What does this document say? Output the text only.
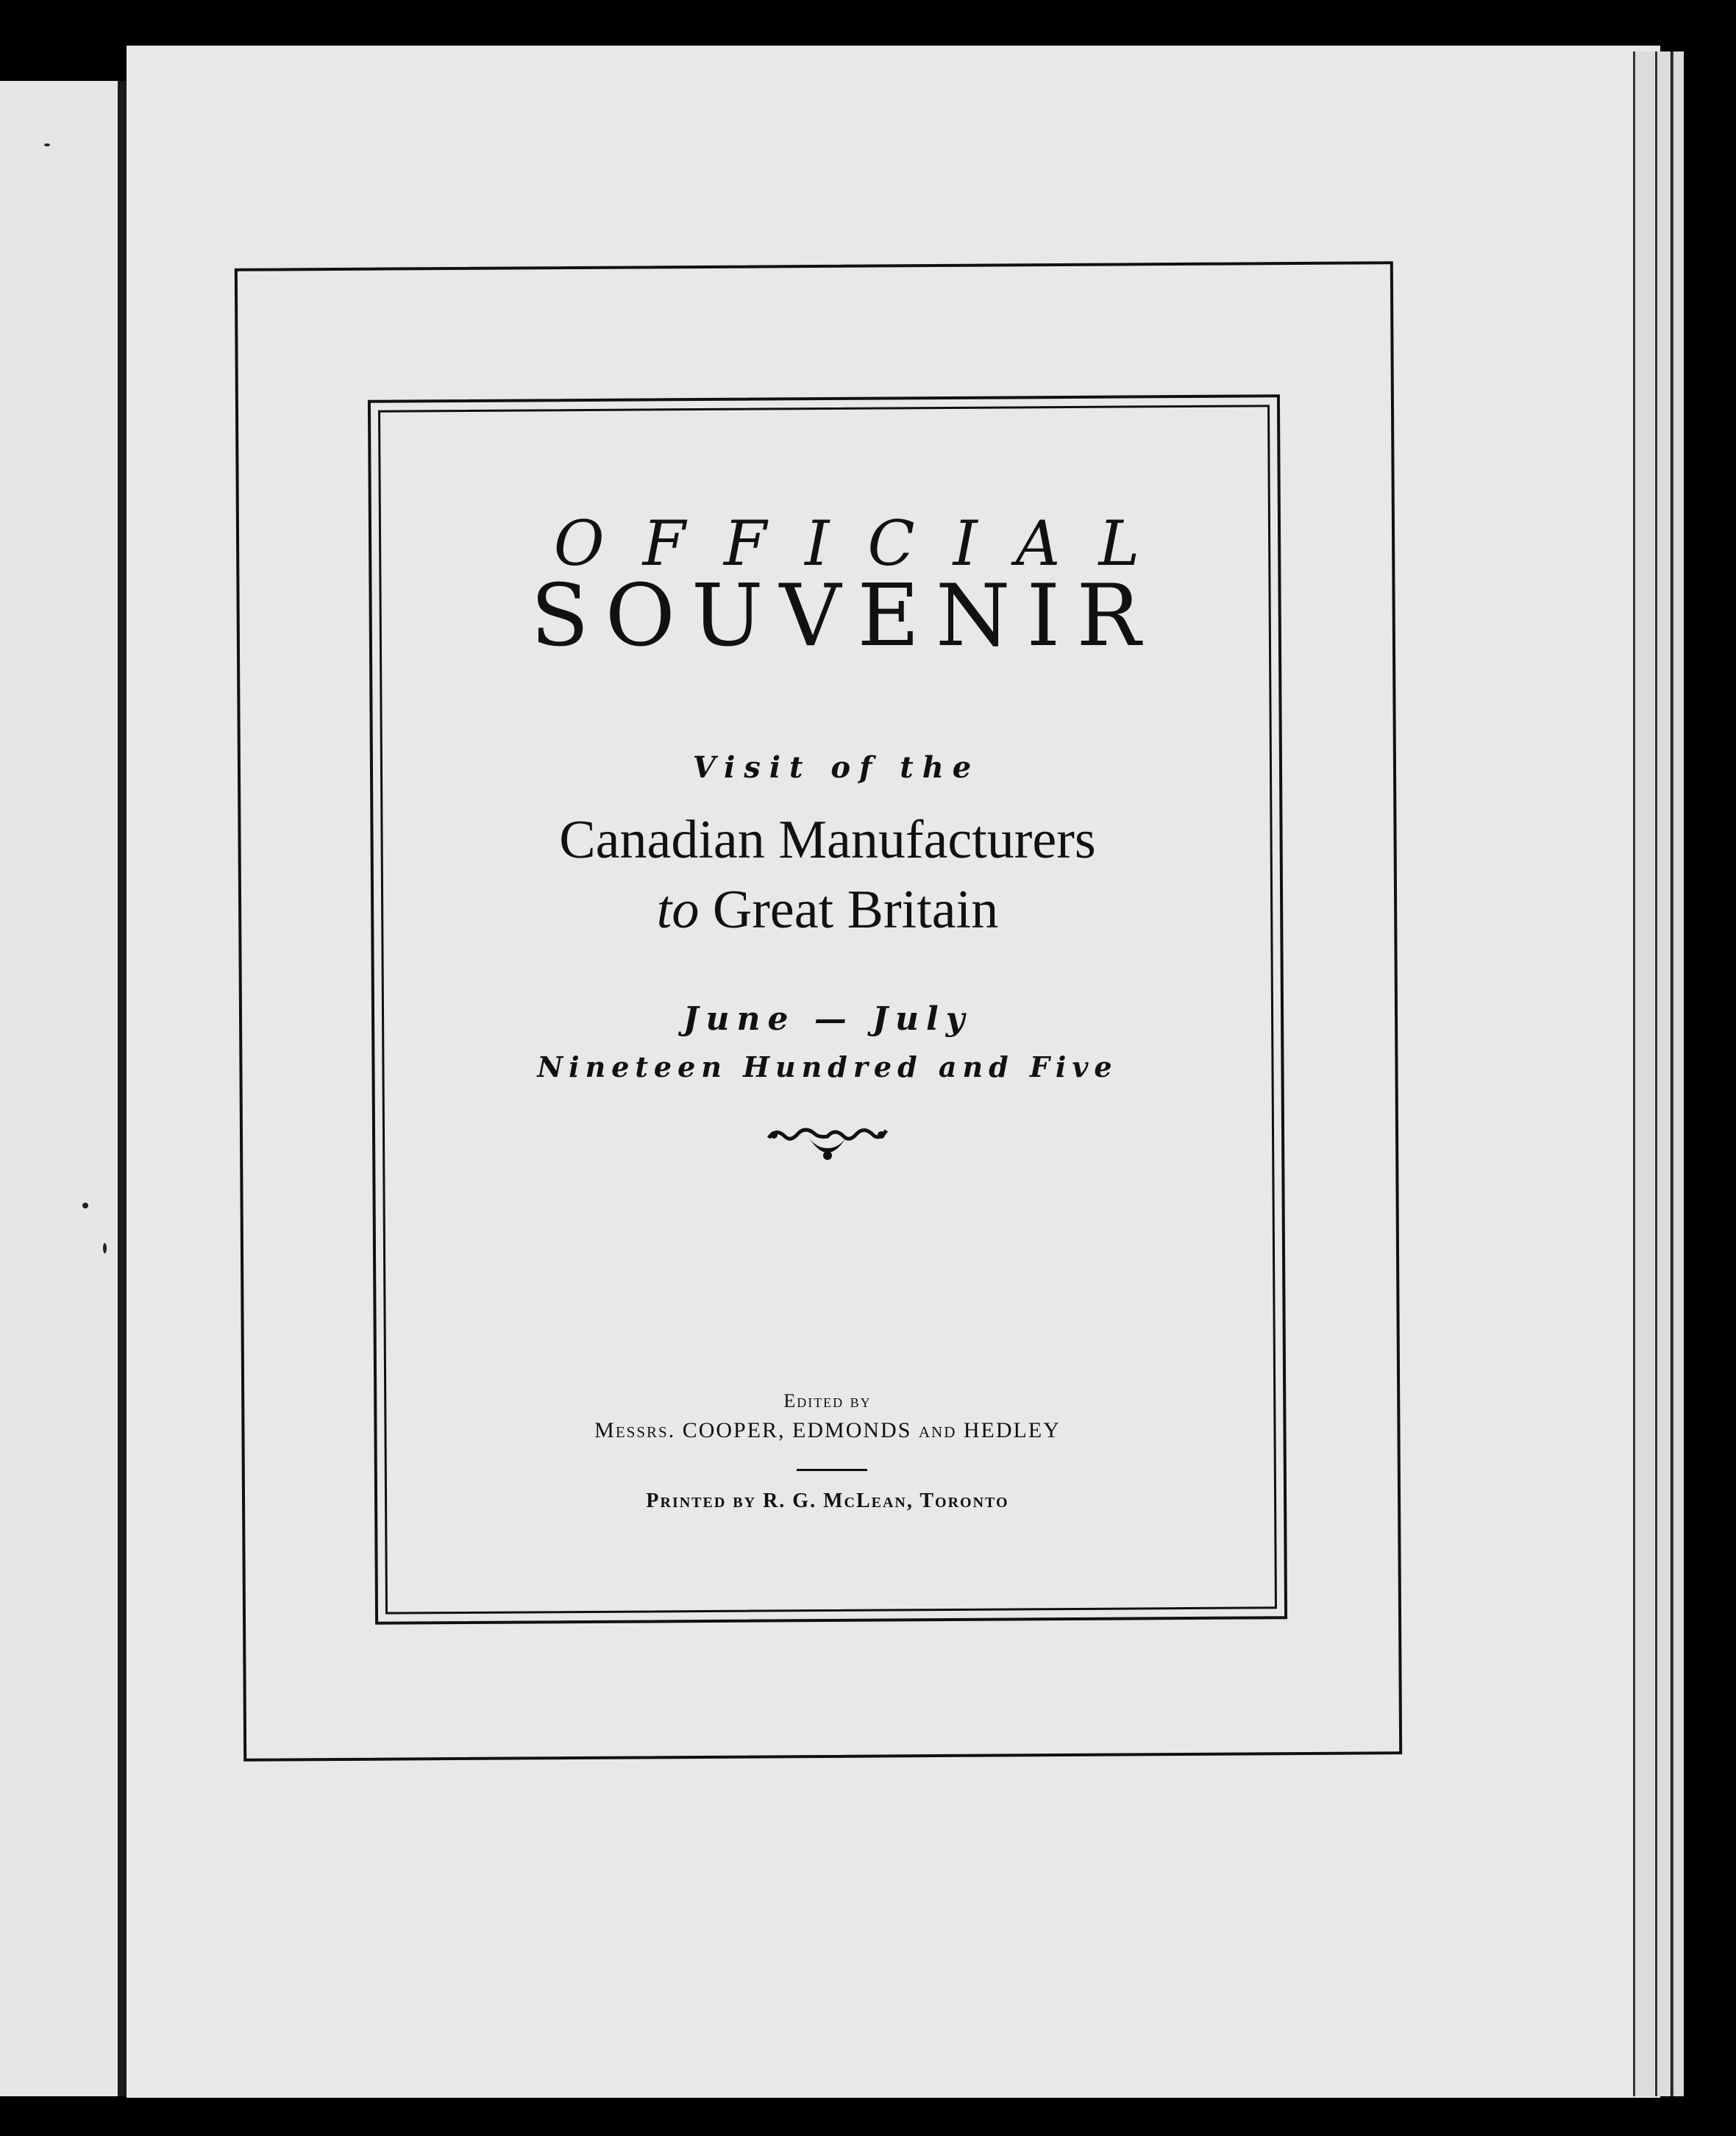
OFFICIAL
SOUVENIR
Visit of the
Canadian Manufacturers
to Great Britain
June — July
Nineteen Hundred and Five
Edited by
Messrs. COOPER, EDMONDS and HEDLEY
Printed by R. G. McLean, Toronto
